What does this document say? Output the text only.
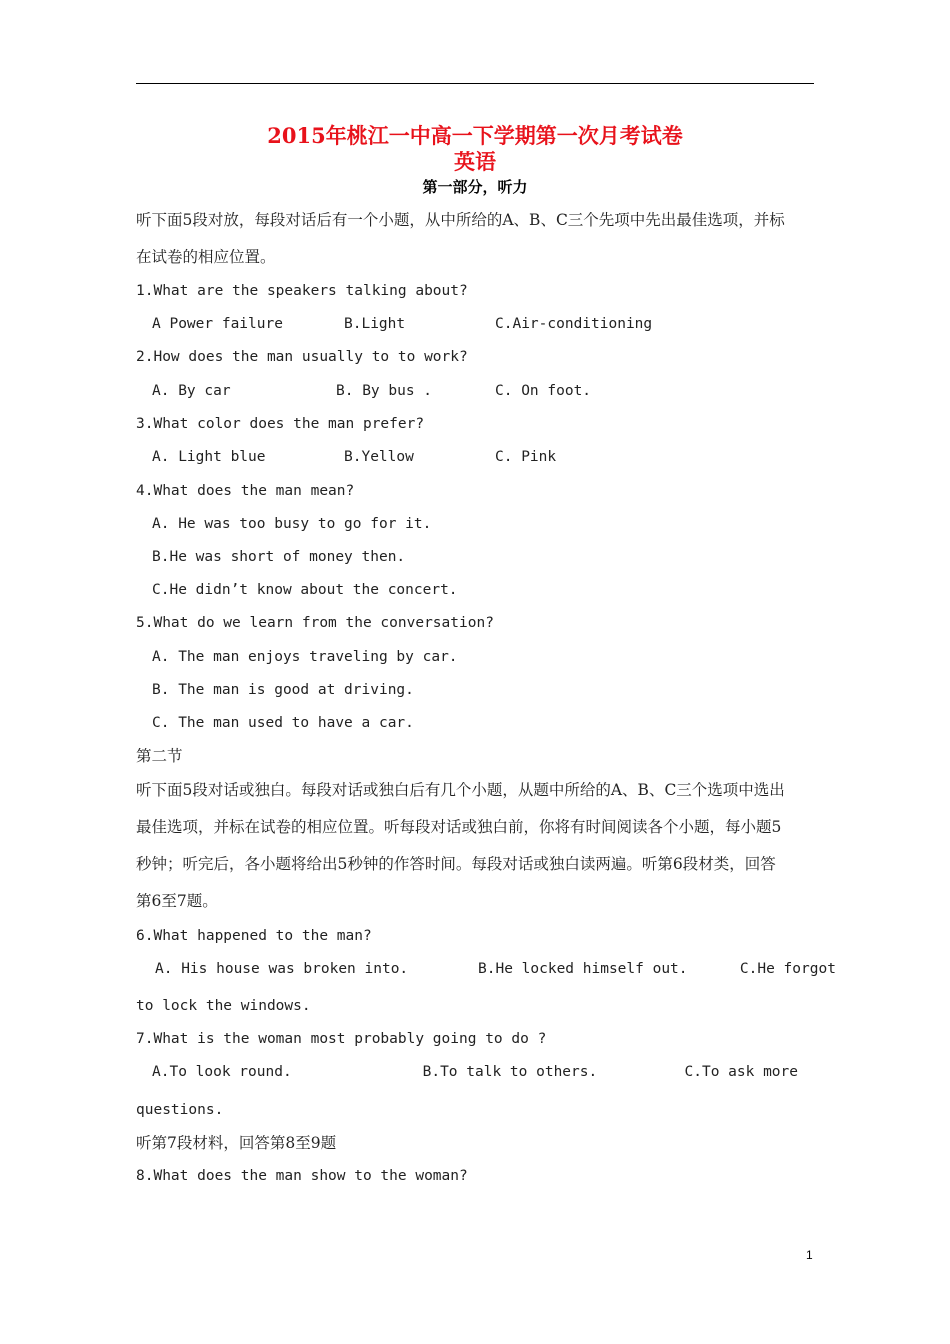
2015年桃江一中高一下学期第一次月考试卷
英语
第一部分，听力
听下面5段对放，每段对话后有一个小题，从中所给的A、B、C三个先项中先出最佳选项，并标
在试卷的相应位置。
1.What are the speakers talking about?
A Power failure	B.Light	C.Air-conditioning
2.How does the man usually to to work?
A. By car	B. By bus .	C. On foot.
3.What color does the man prefer?
A. Light blue	B.Yellow	C. Pink
4.What does the man mean?
A. He was too busy to go for it.
B.He was short of money then.
C.He didn’t know about the concert.
5.What do we learn from the conversation?
A. The man enjoys traveling by car.
B. The man is good at driving.
C. The man used to have a car.
第二节
听下面5段对话或独白。每段对话或独白后有几个小题，从题中所给的A、B、C三个选项中选出
最佳选项，并标在试卷的相应位置。听每段对话或独白前，你将有时间阅读各个小题，每小题5
秒钟；听完后，各小题将给出5秒钟的作答时间。每段对话或独白读两遍。听第6段材类，回答
第6至7题。
6.What happened to the man?
A. His house was broken into.        B.He locked himself out.      C.He forgot
to lock the windows.
7.What is the woman most probably going to do ?
A.To look round.               B.To talk to others.          C.To ask more
questions.
听第7段材料，回答第8至9题
8.What does the man show to the woman?
1
